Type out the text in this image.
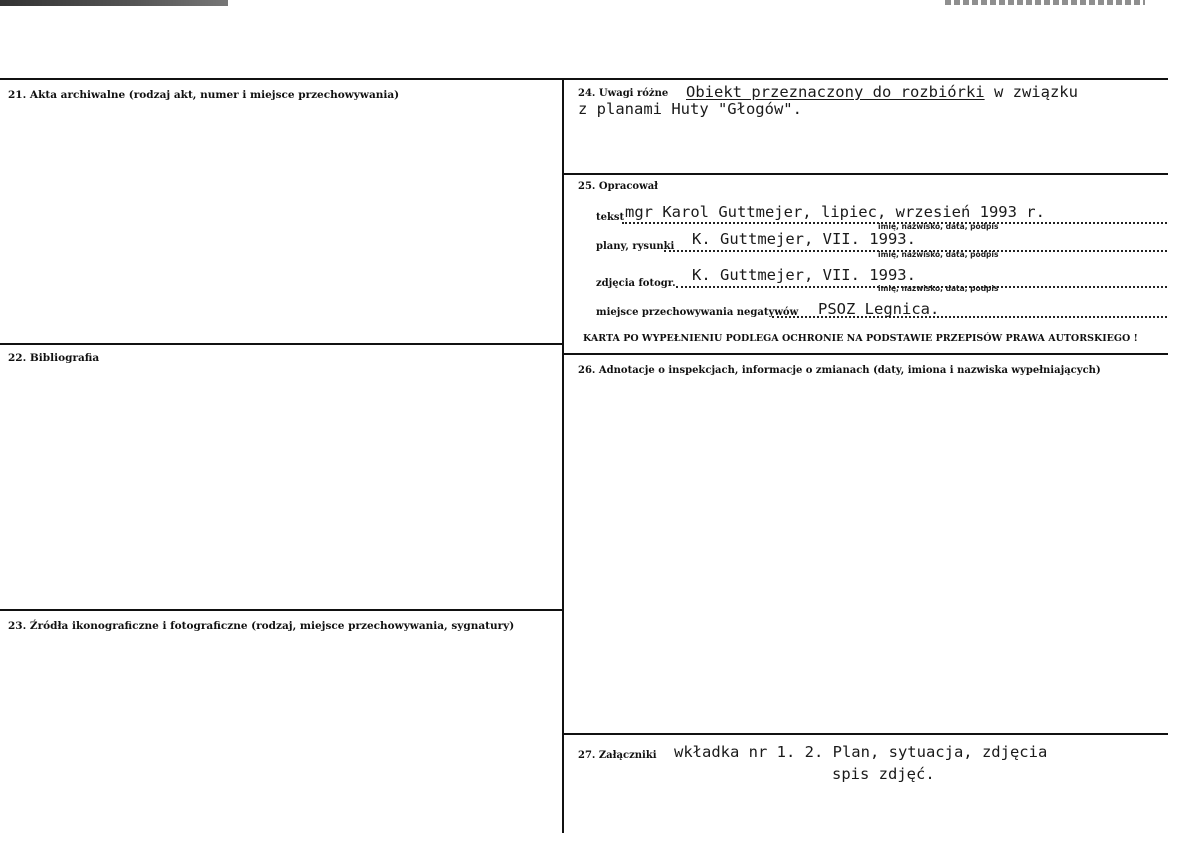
21. Akta archiwalne (rodzaj akt, numer i miejsce przechowywania)
22. Bibliografia
23. Źródła ikonograficzne i fotograficzne (rodzaj, miejsce przechowywania, sygnatury)
24. Uwagi różne Obiekt przeznaczony do rozbiórki w związku
z planami Huty "Głogów".
25. Opracował
tekst mgr Karol Guttmejer, lipiec, wrzesień 1993 r.
imię, nazwisko, data, podpis
plany, rysunki K. Guttmejer, VII. 1993.
imię, nazwisko, data, podpis
zdjęcia fotogr. K. Guttmejer, VII. 1993.
imię, nazwisko, data, podpis
miejsce przechowywania negatywów PSOZ Legnica.
KARTA PO WYPEŁNIENIU PODLEGA OCHRONIE NA PODSTAWIE PRZEPISÓW PRAWA AUTORSKIEGO !
26. Adnotacje o inspekcjach, informacje o zmianach (daty, imiona i nazwiska wypełniających)
27. Załączniki wkładka nr 1. 2. Plan, sytuacja, zdjęcia
spis zdjęć.
